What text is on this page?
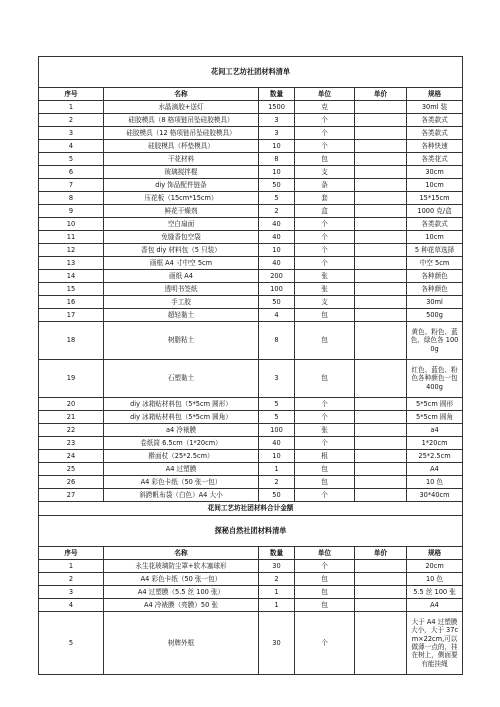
花间工艺坊社团材料清单					
序号	名称	数量	单位	单价	规格
1	水晶滴胶+送灯	1500	克		30ml 装
2	硅胶模具（8 格项链吊坠硅胶模具）	3	个		各类款式
3	硅胶模具（12 格项链吊坠硅胶模具）	3	个		各类款式
4	硅胶模具（杯垫模具）	10	个		各种快速
5	干花材料	8	包		各类花式
6	玻璃搅拌棍	10	支		30cm
7	diy 饰品配件链条	50	条		10cm
8	压花板（15cm*15cm）	5	套		15*15cm
9	鲜花干燥剂	2	盒		1000 克/盒
10	空白扇面	40	个		各类款式
11	免缝香包空袋	40	个		10cm
12	香包 diy 材料包（5 只装）	10	个		5 种花草选择
13	画框 A4 寸中空 5cm	40	个		中空 5cm
14	画纸 A4	200	张		各种颜色
15	透明书签纸	100	张		各种颜色
16	手工胶	50	支		30ml
17	超轻黏土	4	包		500g
18	树脂粘土	8	包		黄色、粉色、蓝色、绿色各 1000g
19	石塑黏土	3	包		红色、蓝色、粉色各种颜色一包 400g
20	diy 冰箱贴材料包（5*5cm 圆形）	5	个		5*5cm 圆形
21	diy 冰箱贴材料包（5*5cm 圆角）	5	个		5*5cm 圆角
22	a4 冷裱膜	100	张		a4
23	卷纸筒 6.5cm（1*20cm）	40	个		1*20cm
24	擀面杖（25*2.5cm）	10	根		25*2.5cm
25	A4 过塑膜	1	包		A4
26	A4 彩色卡纸（50 张一包）	2	包		10 色
27	斜跨帆布袋（白色）A4 大小	50	个		30*40cm
花间工艺坊社团材料合计金额					
探秘自然社团材料清单					
序号	名称	数量	单位	单价	规格
1	永生花玻璃防尘罩+软木塞球形	30	个		20cm
2	A4 彩色卡纸（50 张一包）	2	包		10 色
3	A4 过塑膜（5.5 丝 100 张）	1	包		5.5 丝 100 张
4	A4 冷裱膜（亮膜）50 张	1	包		A4
5	树牌外框	30	个		大于 A4 过塑膜大小，大于 37cm×22cm,可以做薄一点的，挂在树上，侧面要有能挂绳
